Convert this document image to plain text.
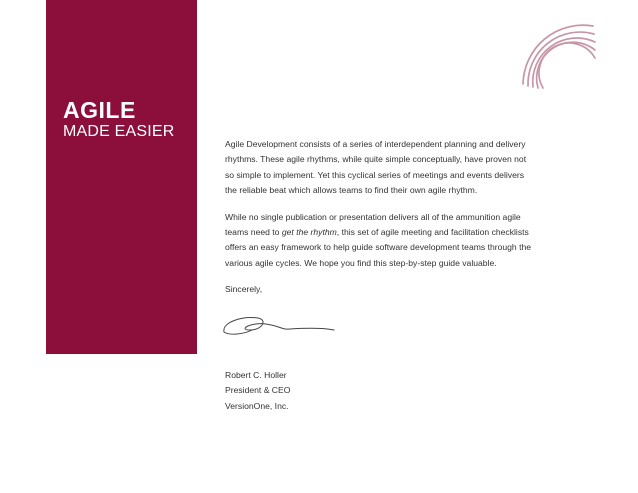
AGILE
MADE EASIER

Agile Development consists of a series of interdependent planning and delivery rhythms. These agile rhythms, while quite simple conceptually, have proven not so simple to implement. Yet this cyclical series of meetings and events delivers the reliable beat which allows teams to find their own agile rhythm.

While no single publication or presentation delivers all of the ammunition agile teams need to get the rhythm, this set of agile meeting and facilitation checklists offers an easy framework to help guide software development teams through the various agile cycles. We hope you find this step-by-step guide valuable.

Sincerely,

Robert C. Holler
President & CEO
VersionOne, Inc.
